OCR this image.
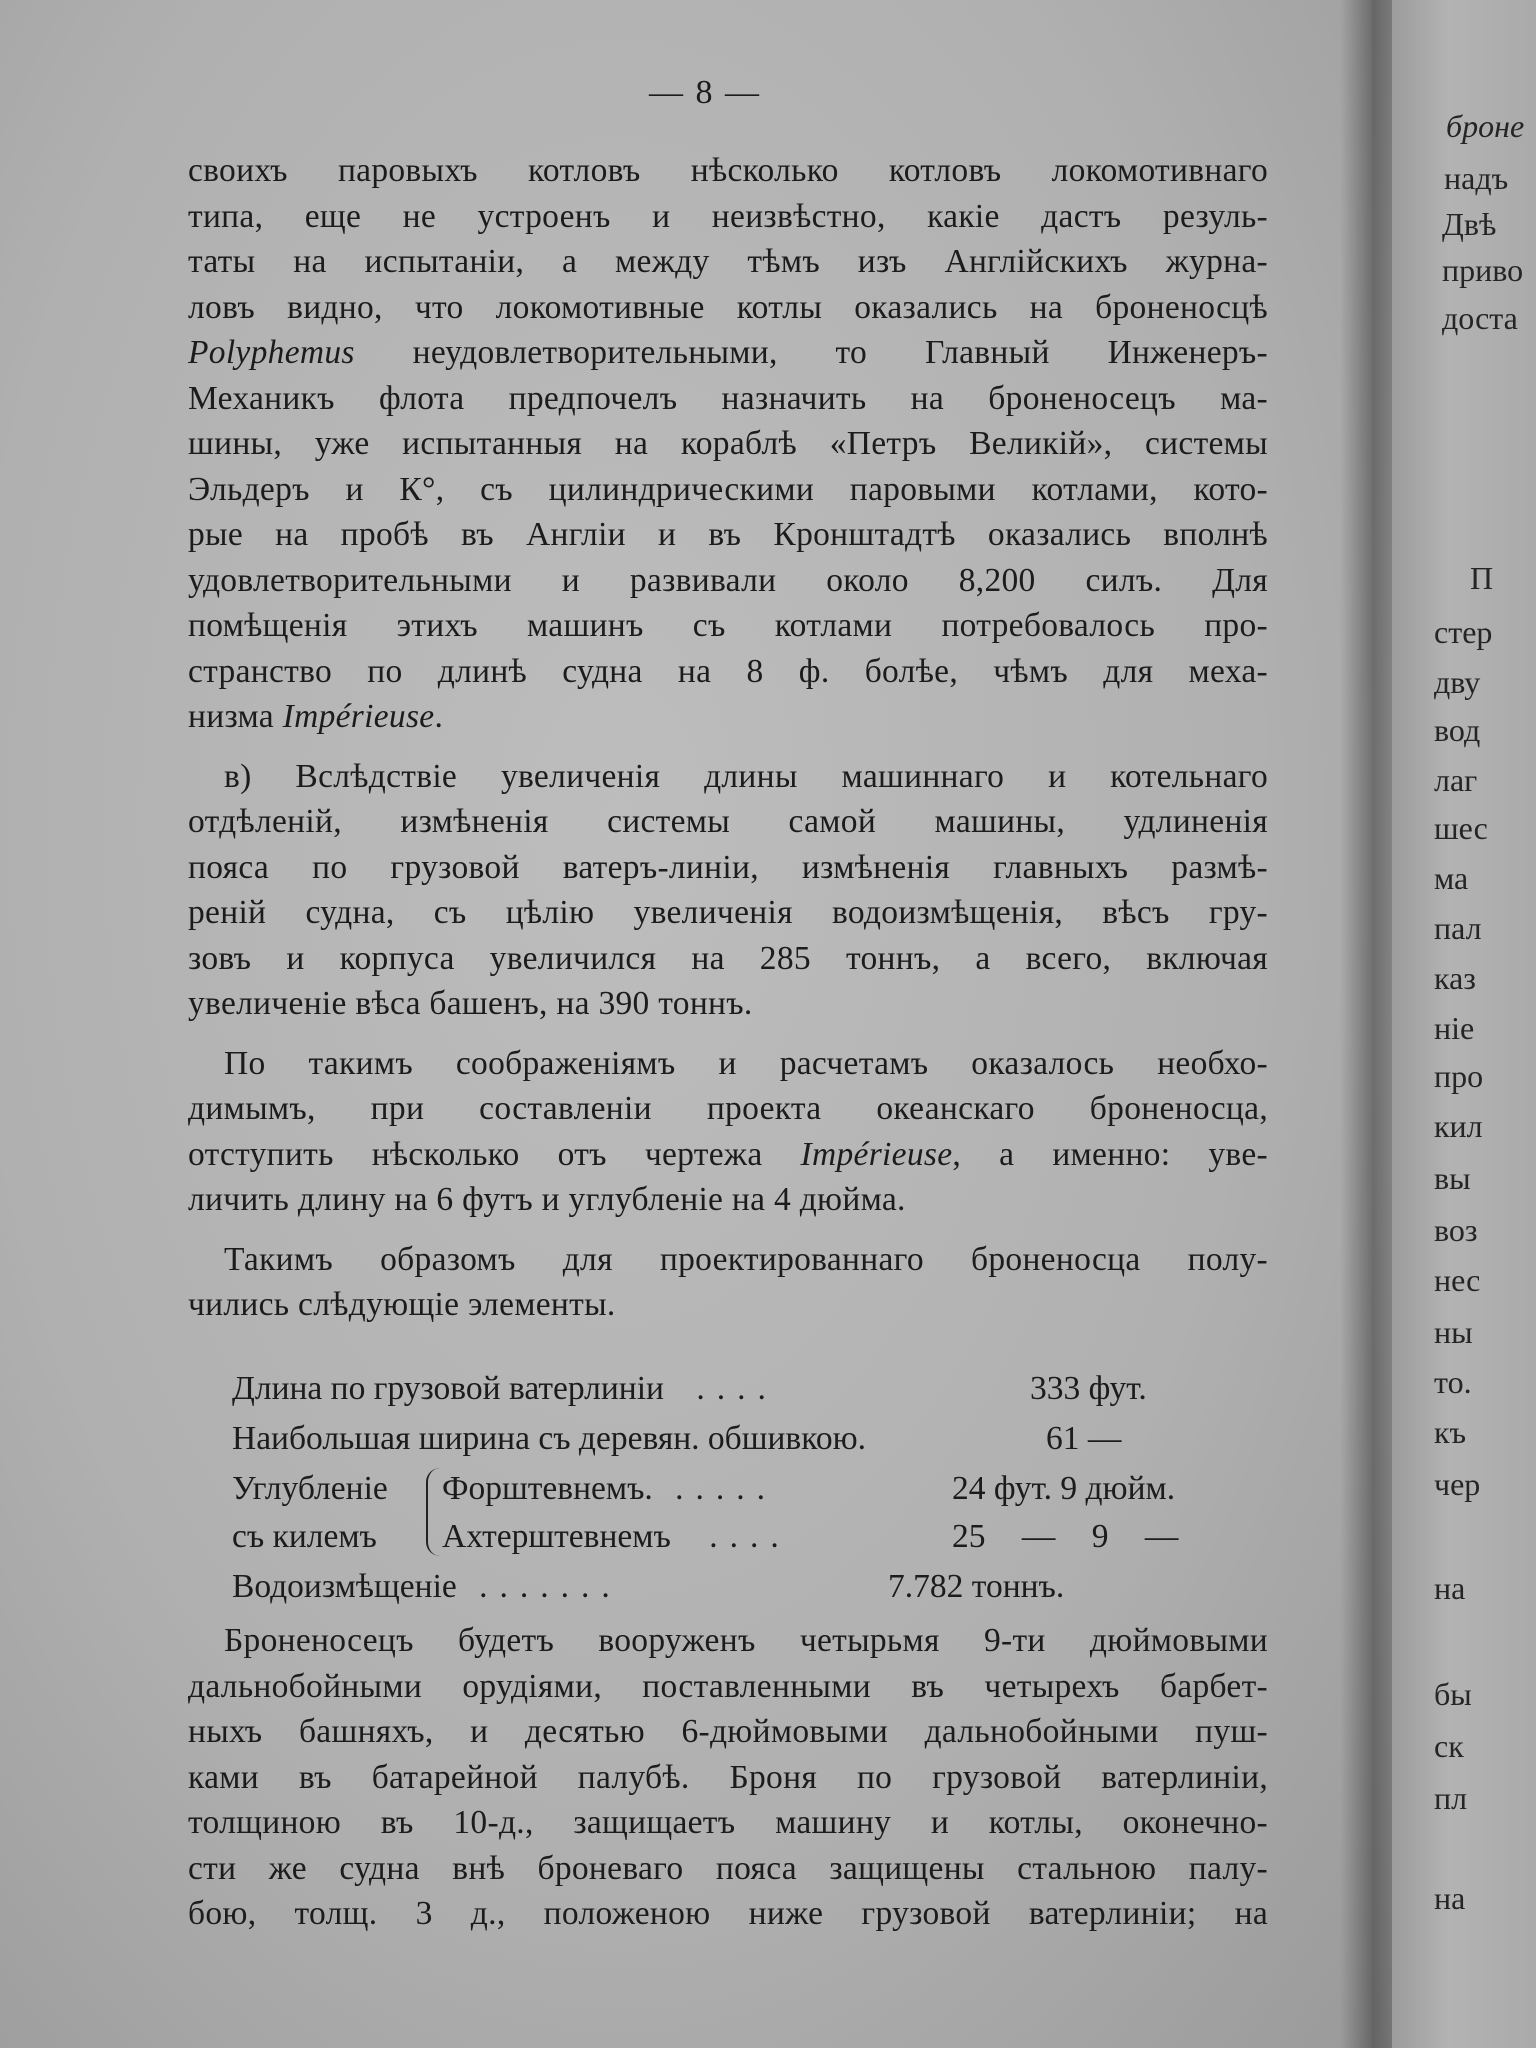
броне
надъ
Двѣ
приво
доста
П
стер
дву
вод
лаг
шес
ма
пал
каз
ніе
про
кил
вы
воз
нес
ны
то.
къ
чер
на
бы
ск
пл
на
— 8 —
своихъ паровыхъ котловъ нѣсколько котловъ локомотивнаго
типа, еще не устроенъ и неизвѣстно, какіе дастъ резуль-
таты на испытаніи, а между тѣмъ изъ Англійскихъ журна-
ловъ видно, что локомотивные котлы оказались на броненосцѣ
Polyphemus неудовлетворительными, то Главный Инженеръ-
Механикъ флота предпочелъ назначить на броненосецъ ма-
шины, уже испытанныя на кораблѣ «Петръ Великій», системы
Эльдеръ и К°, съ цилиндрическими паровыми котлами, кото-
рые на пробѣ въ Англіи и въ Кронштадтѣ оказались вполнѣ
удовлетворительными и развивали около 8,200 силъ. Для
помѣщенія этихъ машинъ съ котлами потребовалось про-
странство по длинѣ судна на 8 ф. болѣе, чѣмъ для меха-
низма Impérieuse.
в) Вслѣдствіе увеличенія длины машиннаго и котельнаго
отдѣленій, измѣненія системы самой машины, удлиненія
пояса по грузовой ватеръ-линіи, измѣненія главныхъ размѣ-
реній судна, съ цѣлію увеличенія водоизмѣщенія, вѣсъ гру-
зовъ и корпуса увеличился на 285 тоннъ, а всего, включая
увеличеніе вѣса башенъ, на 390 тоннъ.
По такимъ соображеніямъ и расчетамъ оказалось необхо-
димымъ, при составленіи проекта океанскаго броненосца,
отступить нѣсколько отъ чертежа Impérieuse, а именно: уве-
личить длину на 6 футъ и углубленіе на 4 дюйма.
Такимъ образомъ для проектированнаго броненосца полу-
чились слѣдующіе элементы.
Длина по грузовой ватерлиніи ....	333 фут.
Наибольшая ширина съ деревян. обшивкою.	61 —
Углубленіе
съ килемъ
Форштевнемъ. .....	24 фут. 9 дюйм.
Ахтерштевнемъ ....	25 — 9 —
Водоизмѣщеніе .......	7.782 тоннъ.
Броненосецъ будетъ вооруженъ четырьмя 9-ти дюймовыми
дальнобойными орудіями, поставленными въ четырехъ барбет-
ныхъ башняхъ, и десятью 6-дюймовыми дальнобойными пуш-
ками въ батарейной палубѣ. Броня по грузовой ватерлиніи,
толщиною въ 10-д., защищаетъ машину и котлы, оконечно-
сти же судна внѣ броневаго пояса защищены стальною палу-
бою, толщ. 3 д., положеною ниже грузовой ватерлиніи; на
